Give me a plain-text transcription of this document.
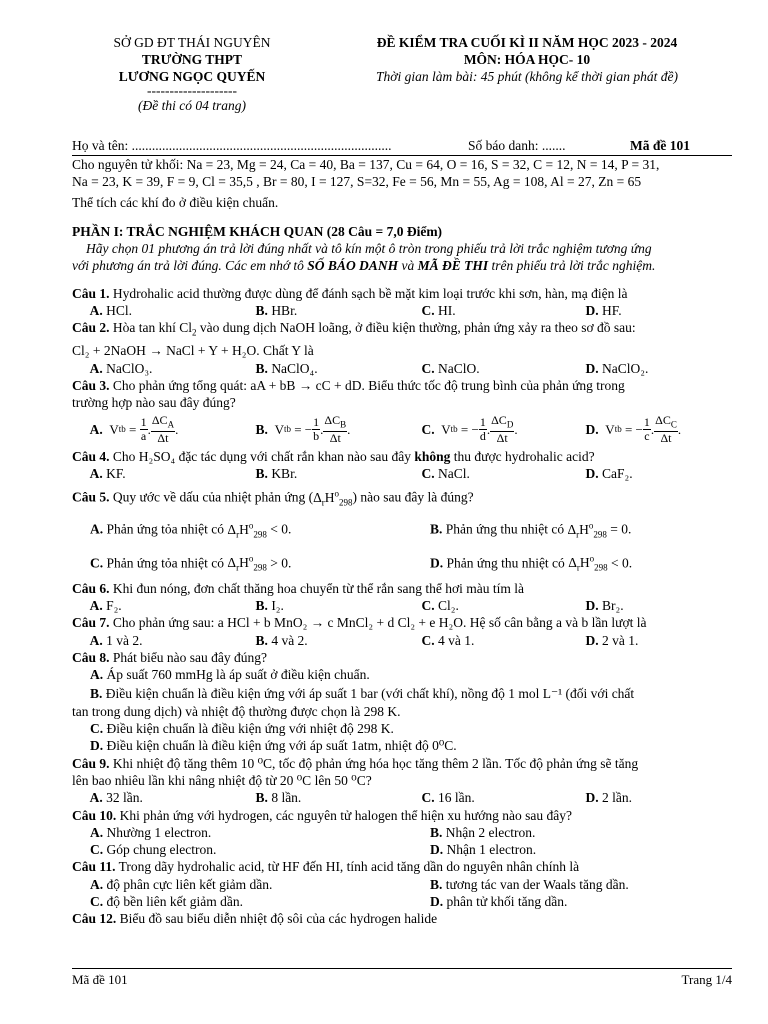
SỞ GD ĐT THÁI NGUYÊN
TRƯỜNG THPT
LƯƠNG NGỌC QUYẾN
--------------------
(Đề thi có 04 trang)
ĐỀ KIỂM TRA CUỐI KÌ II NĂM HỌC 2023 - 2024
MÔN: HÓA HỌC- 10
Thời gian làm bài: 45 phút (không kể thời gian phát đề)
Họ và tên: .............................................................................	Số báo danh: .......	Mã đề 101
Cho nguyên tử khối: Na = 23, Mg = 24, Ca = 40, Ba = 137, Cu = 64, O = 16, S = 32, C = 12, N = 14, P = 31,
Na = 23, K = 39, F = 9, Cl = 35,5 , Br = 80, I = 127, S=32, Fe = 56, Mn = 55, Ag = 108, Al = 27, Zn = 65
Thể tích các khí đo ở điều kiện chuẩn.
PHẦN I: TRẮC NGHIỆM KHÁCH QUAN (28 Câu = 7,0 Điểm)
Hãy chọn 01 phương án trả lời đúng nhất và tô kín một ô tròn trong phiếu trả lời trắc nghiệm tương ứng
với phương án trả lời đúng. Các em nhớ tô SỐ BÁO DANH và MÃ ĐỀ THI trên phiếu trả lời trắc nghiệm.
Câu 1. Hydrohalic acid thường được dùng để đánh sạch bề mặt kim loại trước khi sơn, hàn, mạ điện là
A. HCl.	B. HBr.	C. HI.	D. HF.
Câu 2. Hòa tan khí $Cl_2$ vào dung dịch NaOH loãng, ở điều kiện thường, phản ứng xảy ra theo sơ đồ sau:
Cl₂ + 2NaOH → NaCl + Y + H₂O. Chất Y là
A. NaClO₃.	B. NaClO₄.	C. NaClO.	D. NaClO₂.
Câu 3. Cho phản ứng tổng quát: aA + bB → cC + dD. Biểu thức tốc độ trung bình của phản ứng trong
trường hợp nào sau đây đúng?
A.  V tb = $\frac{1}{a}$ . $\frac{\Delta C_A}{\Delta t}$ .	B.  V tb = − $\frac{1}{b}$ . $\frac{\Delta C_B}{\Delta t}$ .	C.  V tb = − $\frac{1}{d}$ . $\frac{\Delta C_D}{\Delta t}$ .	D.  V tb = − $\frac{1}{c}$ . $\frac{\Delta C_C}{\Delta t}$ .
Câu 4. Cho H₂SO₄ đặc tác dụng với chất rắn khan nào sau đây không thu được hydrohalic acid?
A. KF.	B. KBr.	C. NaCl.	D. CaF₂.
Câu 5. Quy ước về dấu của nhiệt phản ứng $(\Delta_rH^o_{298})$ nào sau đây là đúng?
A. Phản ứng tỏa nhiệt có $\Delta_rH^o_{298} < 0$.	B. Phản ứng thu nhiệt có $\Delta_rH^o_{298} = 0$.
C. Phản ứng tỏa nhiệt có $\Delta_rH^o_{298} > 0$.	D. Phản ứng thu nhiệt có $\Delta_rH^o_{298} < 0$.
Câu 6. Khi đun nóng, đơn chất thăng hoa chuyển từ thể rắn sang thể hơi màu tím là
A. F₂.	B. I₂.	C. Cl₂.	D. Br₂.
Câu 7. Cho phản ứng sau: a HCl + b MnO₂ → c MnCl₂ + d Cl₂ + e H₂O. Hệ số cân bằng a và b lần lượt là
A. 1 và 2.	B. 4 và 2.	C. 4 và 1.	D. 2 và 1.
Câu 8. Phát biểu nào sau đây đúng?
A. Áp suất 760 mmHg là áp suất ở điều kiện chuẩn.
B. Điều kiện chuẩn là điều kiện ứng với áp suất 1 bar (với chất khí), nồng độ 1 mol L⁻¹ (đối với chất
tan trong dung dịch) và nhiệt độ thường được chọn là 298 K.
C. Điều kiện chuẩn là điều kiện ứng với nhiệt độ 298 K.
D. Điều kiện chuẩn là điều kiện ứng với áp suất 1atm, nhiệt độ 0⁰C.
Câu 9. Khi nhiệt độ tăng thêm 10 ⁰C, tốc độ phản ứng hóa học tăng thêm 2 lần. Tốc độ phản ứng sẽ tăng
lên bao nhiêu lần khi nâng nhiệt độ từ 20 ⁰C lên 50 ⁰C?
A. 32 lần.	B. 8 lần.	C. 16 lần.	D. 2 lần.
Câu 10. Khi phản ứng với hydrogen, các nguyên tử halogen thể hiện xu hướng nào sau đây?
A. Nhường 1 electron.	B. Nhận 2 electron.
C. Góp chung electron.	D. Nhận 1 electron.
Câu 11. Trong dãy hydrohalic acid, từ HF đến HI, tính acid tăng dần do nguyên nhân chính là
A. độ phân cực liên kết giảm dần.	B. tương tác van der Waals tăng dần.
C. độ bền liên kết giảm dần.	D. phân tử khối tăng dần.
Câu 12. Biểu đồ sau biểu diễn nhiệt độ sôi của các hydrogen halide
Mã đề 101	Trang 1/4
